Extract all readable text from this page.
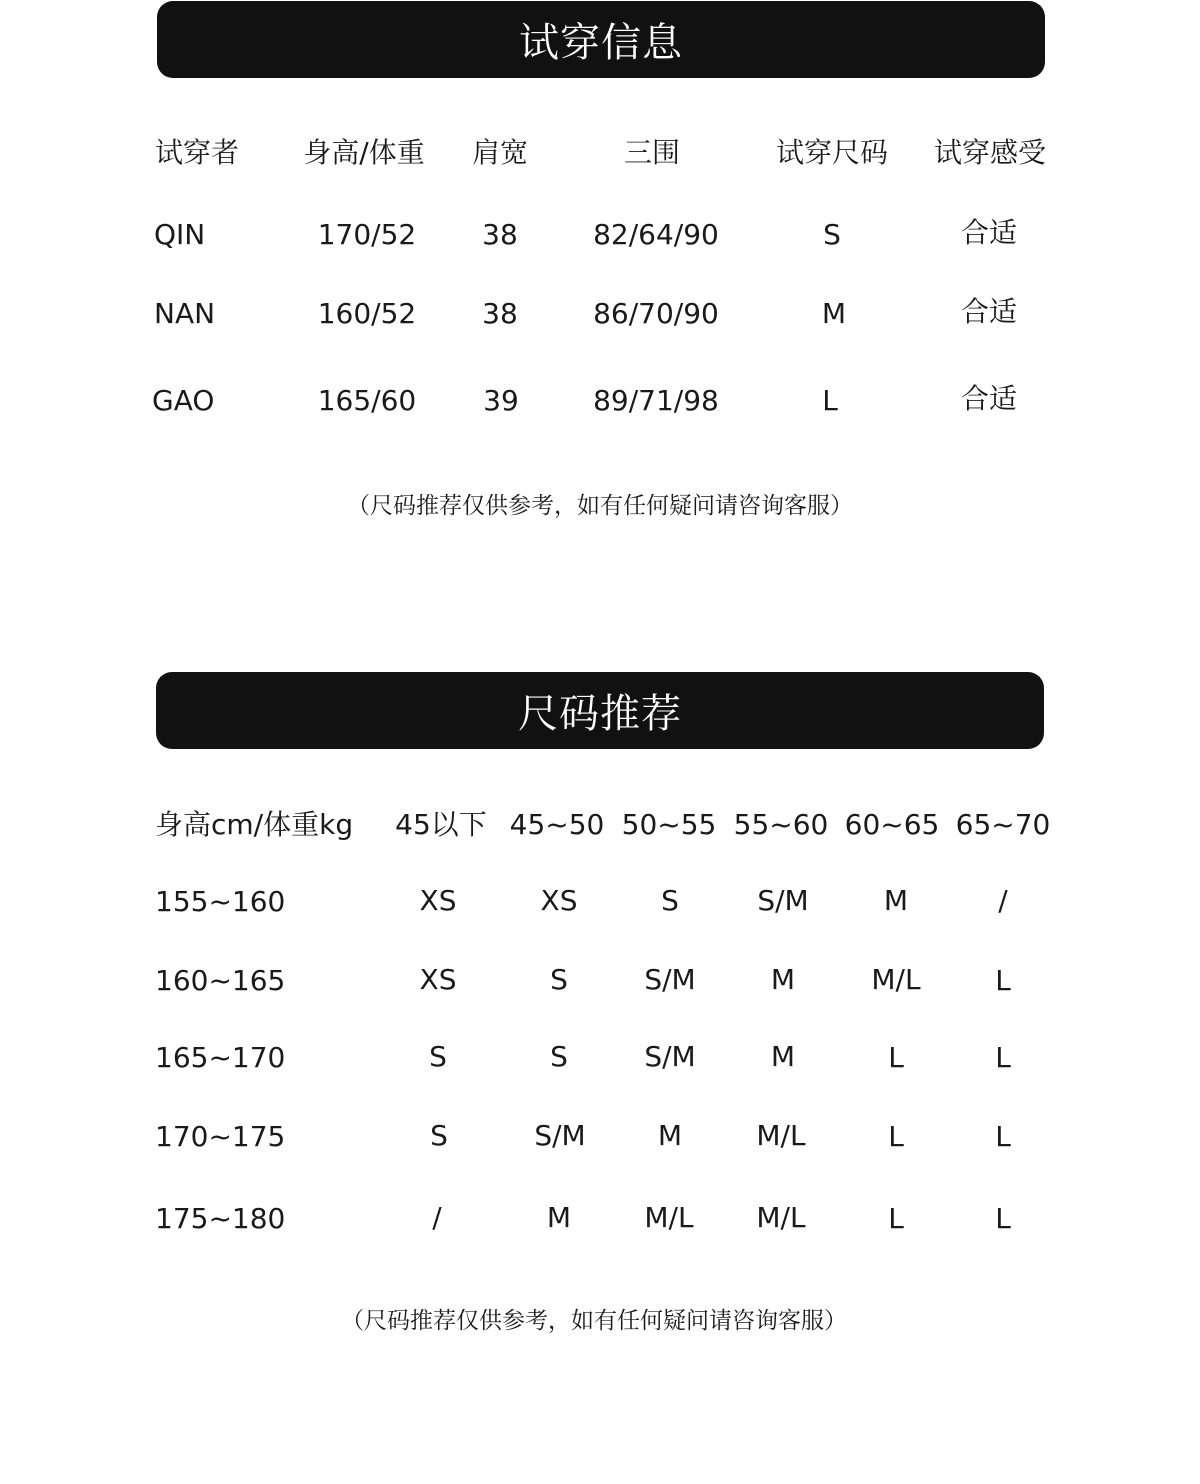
试穿信息
试穿者 身高/体重 肩宽	三围	试穿尺码 试穿感受
QIN	170/52 38	82/64/90	S	合适
NAN	160/52 38	86/70/90	M	合适
GAO	165/60 39	89/71/98	L	合适
（尺码推荐仅供参考，如有任何疑问请咨询客服）
尺码推荐
身高cm/体重kg 45以下 45~50 50~55 55~60 60~65 65~70
155~160	XS	XS	S	S/M	M	/
160~165	XS	S	S/M	M	M/L	L
165~170	S	S	S/M	M	L	L
170~175	S	S/M	M	M/L	L	L
175~180	/	M	M/L M/L	L	L
（尺码推荐仅供参考，如有任何疑问请咨询客服）
